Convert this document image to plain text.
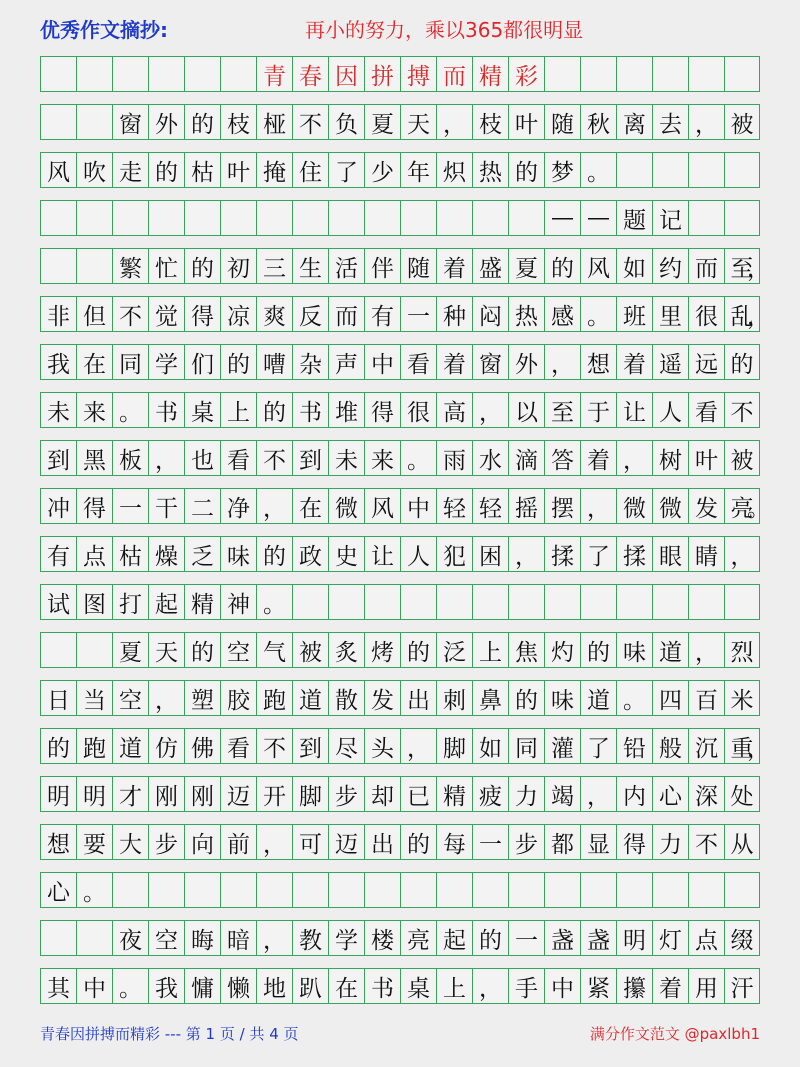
优秀作文摘抄:	再小的努力，乘以365都很明显
青 春 因 拼 搏 而 精 彩
窗 外 的 枝 桠 不 负 夏 天 ， 枝 叶 随 秋 离 去 ， 被
风 吹 走 的 枯 叶 掩 住 了 少 年 炽 热 的 梦 。
— — 题 记
繁 忙 的 初 三 生 活 伴 随 着 盛 夏 的 风 如 约 而 至
，
非 但 不 觉 得 凉 爽 反 而 有 一 种 闷 热 感 。 班 里 很 乱
，
我 在 同 学 们 的 嘈 杂 声 中 看 着 窗 外 ， 想 着 遥 远 的
未 来 。 书 桌 上 的 书 堆 得 很 高 ， 以 至 于 让 人 看 不
到 黑 板 ， 也 看 不 到 未 来 。 雨 水 滴 答 着 ， 树 叶 被
冲 得 一 干 二 净 ， 在 微 风 中 轻 轻 摇 摆 ， 微 微 发 亮
。
有 点 枯 燥 乏 味 的 政 史 让 人 犯 困 ， 揉 了 揉 眼 睛 ，
试 图 打 起 精 神 。
夏 天 的 空 气 被 炙 烤 的 泛 上 焦 灼 的 味 道 ， 烈
日 当 空 ， 塑 胶 跑 道 散 发 出 刺 鼻 的 味 道 。 四 百 米
的 跑 道 仿 佛 看 不 到 尽 头 ， 脚 如 同 灌 了 铅 般 沉 重
，
明 明 才 刚 刚 迈 开 脚 步 却 已 精 疲 力 竭 ， 内 心 深 处
想 要 大 步 向 前 ， 可 迈 出 的 每 一 步 都 显 得 力 不 从
心 。
夜 空 晦 暗 ， 教 学 楼 亮 起 的 一 盏 盏 明 灯 点 缀
其 中 。 我 慵 懒 地 趴 在 书 桌 上 ， 手 中 紧 攥 着 用 汗
青春因拼搏而精彩 --- 第 1 页 / 共 4 页	满分作文范文 @paxlbh1
